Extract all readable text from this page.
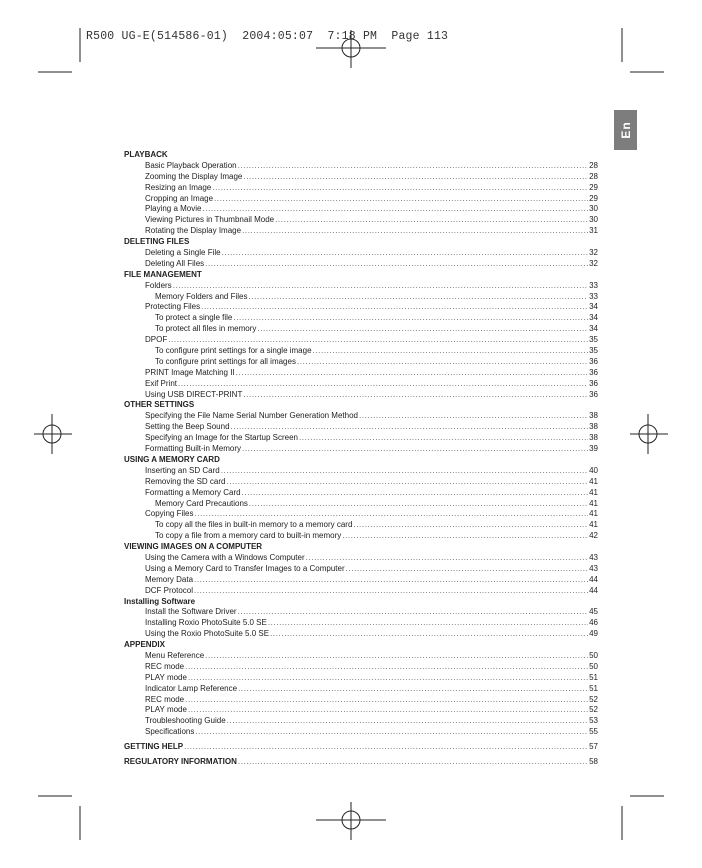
R500 UG-E(514586-01)  2004:05:07  7:18 PM  Page 113
En
PLAYBACK
Basic Playback Operation .....	28
Zooming the Display Image .....	28
Resizing an Image .....	29
Cropping an Image .....	29
Playing a Movie .....	30
Viewing Pictures in Thumbnail Mode .....	30
Rotating the Display Image .....	31
DELETING FILES
Deleting a Single File .....	32
Deleting All Files .....	32
FILE MANAGEMENT
Folders .....	33
Memory Folders and Files .....	33
Protecting Files .....	34
To protect a single file .....	34
To protect all files in memory .....	34
DPOF .....	35
To configure print settings for a single image .....	35
To configure print settings for all images .....	36
PRINT Image Matching II .....	36
Exif Print .....	36
Using USB DIRECT-PRINT .....	36
OTHER SETTINGS
Specifying the File Name Serial Number Generation Method .....	38
Setting the Beep Sound .....	38
Specifying an Image for the Startup Screen .....	38
Formatting Built-in Memory .....	39
USING A MEMORY CARD
Inserting an SD Card .....	40
Removing the SD card .....	41
Formatting a Memory Card .....	41
Memory Card Precautions .....	41
Copying Files .....	41
To copy all the files in built-in memory to a memory card .....	41
To copy a file from a memory card to built-in memory .....	42
VIEWING IMAGES ON A COMPUTER
Using the Camera with a Windows Computer .....	43
Using a Memory Card to Transfer Images to a Computer .....	43
Memory Data .....	44
DCF Protocol .....	44
Installing Software
Install the Software Driver .....	45
Installing Roxio PhotoSuite 5.0 SE .....	46
Using the Roxio PhotoSuite 5.0 SE .....	49
APPENDIX
Menu Reference .....	50
REC mode .....	50
PLAY mode .....	51
Indicator Lamp Reference .....	51
REC mode .....	52
PLAY mode .....	52
Troubleshooting Guide .....	53
Specifications .....	55
GETTING HELP .....	57
REGULATORY INFORMATION .....	58
